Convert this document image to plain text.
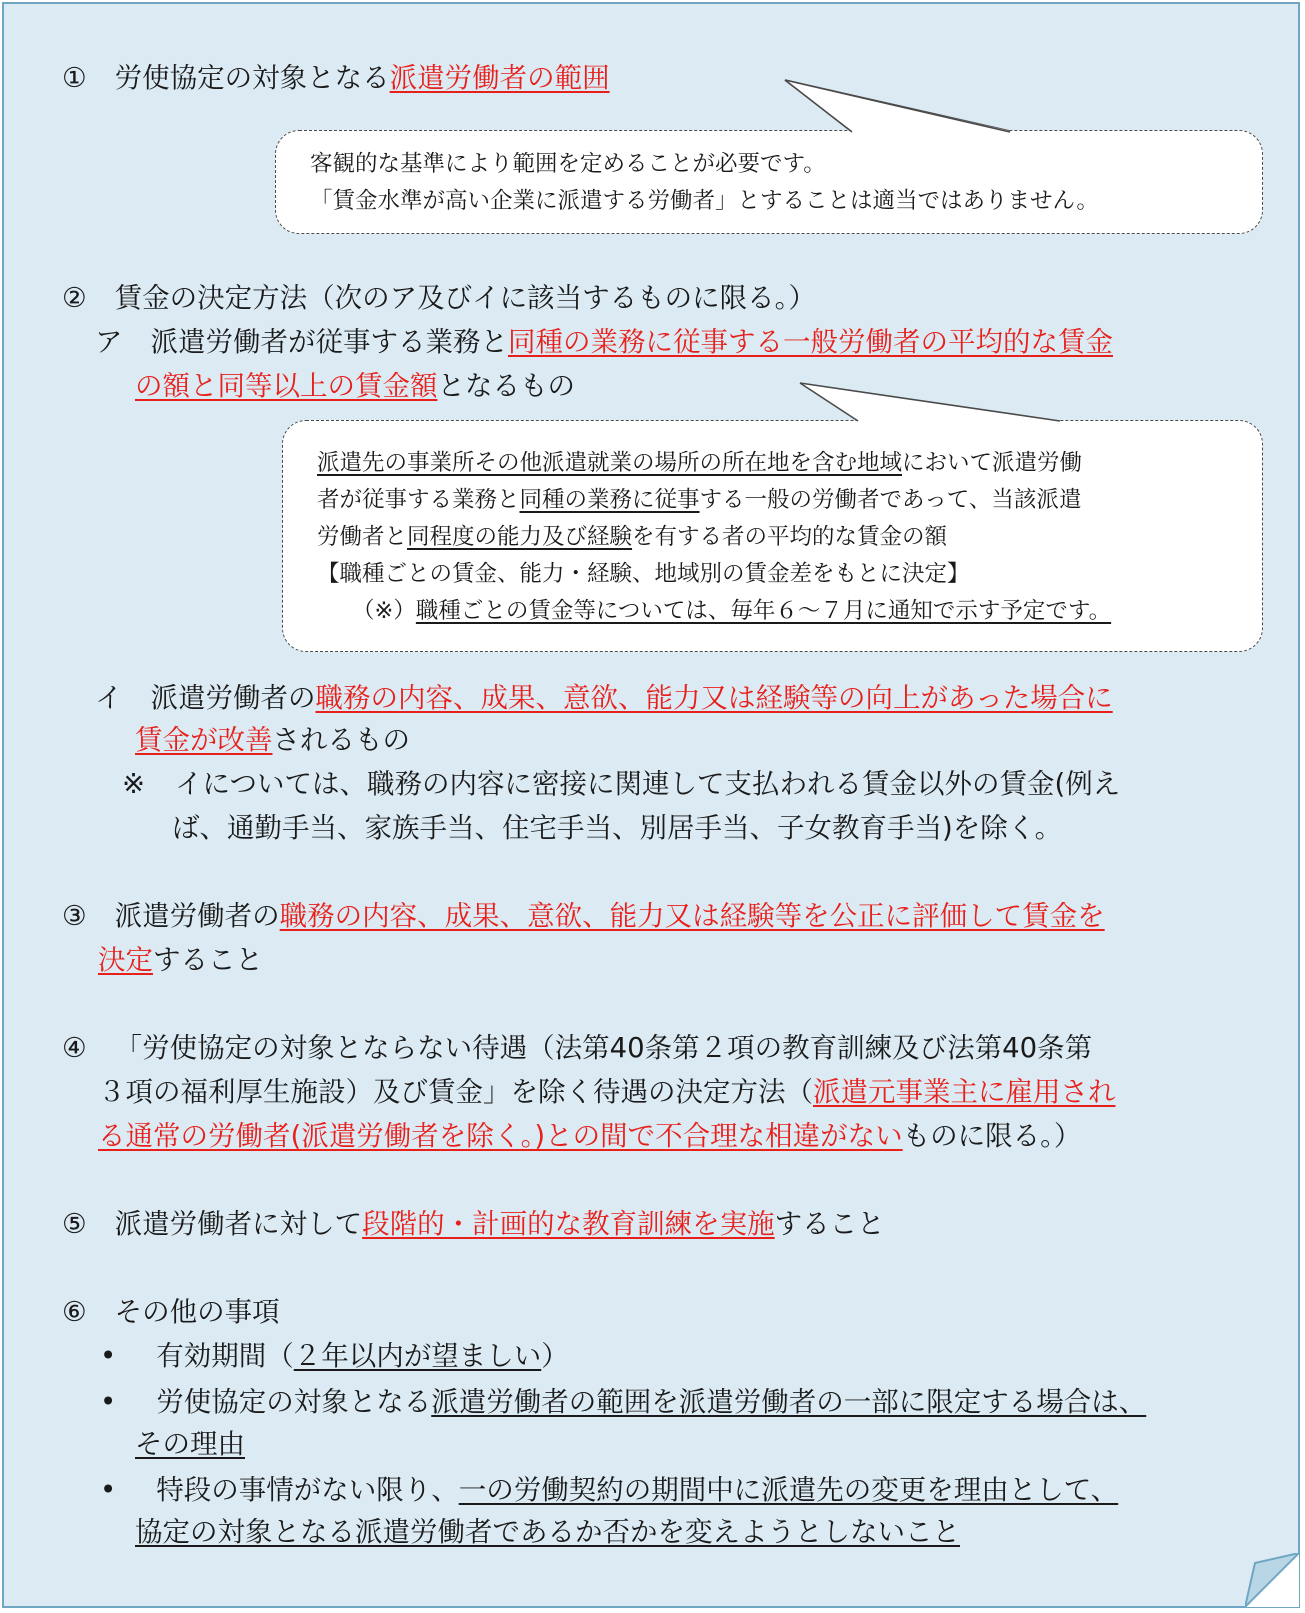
① 労使協定の対象となる派遣労働者の範囲
客観的な基準により範囲を定めることが必要です。
「賃金水準が高い企業に派遣する労働者」とすることは適当ではありません。
② 賃金の決定方法（次のア及びイに該当するものに限る。）
ア 派遣労働者が従事する業務と同種の業務に従事する一般労働者の平均的な賃金
の額と同等以上の賃金額となるもの
派遣先の事業所その他派遣就業の場所の所在地を含む地域において派遣労働
者が従事する業務と同種の業務に従事する一般の労働者であって、当該派遣
労働者と同程度の能力及び経験を有する者の平均的な賃金の額
【職種ごとの賃金、能力・経験、地域別の賃金差をもとに決定】
（※）職種ごとの賃金等については、毎年６～７月に通知で示す予定です。
イ 派遣労働者の職務の内容、成果、意欲、能力又は経験等の向上があった場合に
賃金が改善されるもの
※ イについては、職務の内容に密接に関連して支払われる賃金以外の賃金(例え
ば、通勤手当、家族手当、住宅手当、別居手当、子女教育手当)を除く。
③ 派遣労働者の職務の内容、成果、意欲、能力又は経験等を公正に評価して賃金を
決定すること
④ 「労使協定の対象とならない待遇（法第40条第２項の教育訓練及び法第40条第
３項の福利厚生施設）及び賃金」を除く待遇の決定方法（派遣元事業主に雇用され
る通常の労働者(派遣労働者を除く。)との間で不合理な相違がないものに限る。）
⑤ 派遣労働者に対して段階的・計画的な教育訓練を実施すること
⑥ その他の事項
• 有効期間（２年以内が望ましい）
• 労使協定の対象となる派遣労働者の範囲を派遣労働者の一部に限定する場合は、
その理由
• 特段の事情がない限り、一の労働契約の期間中に派遣先の変更を理由として、
協定の対象となる派遣労働者であるか否かを変えようとしないこと
